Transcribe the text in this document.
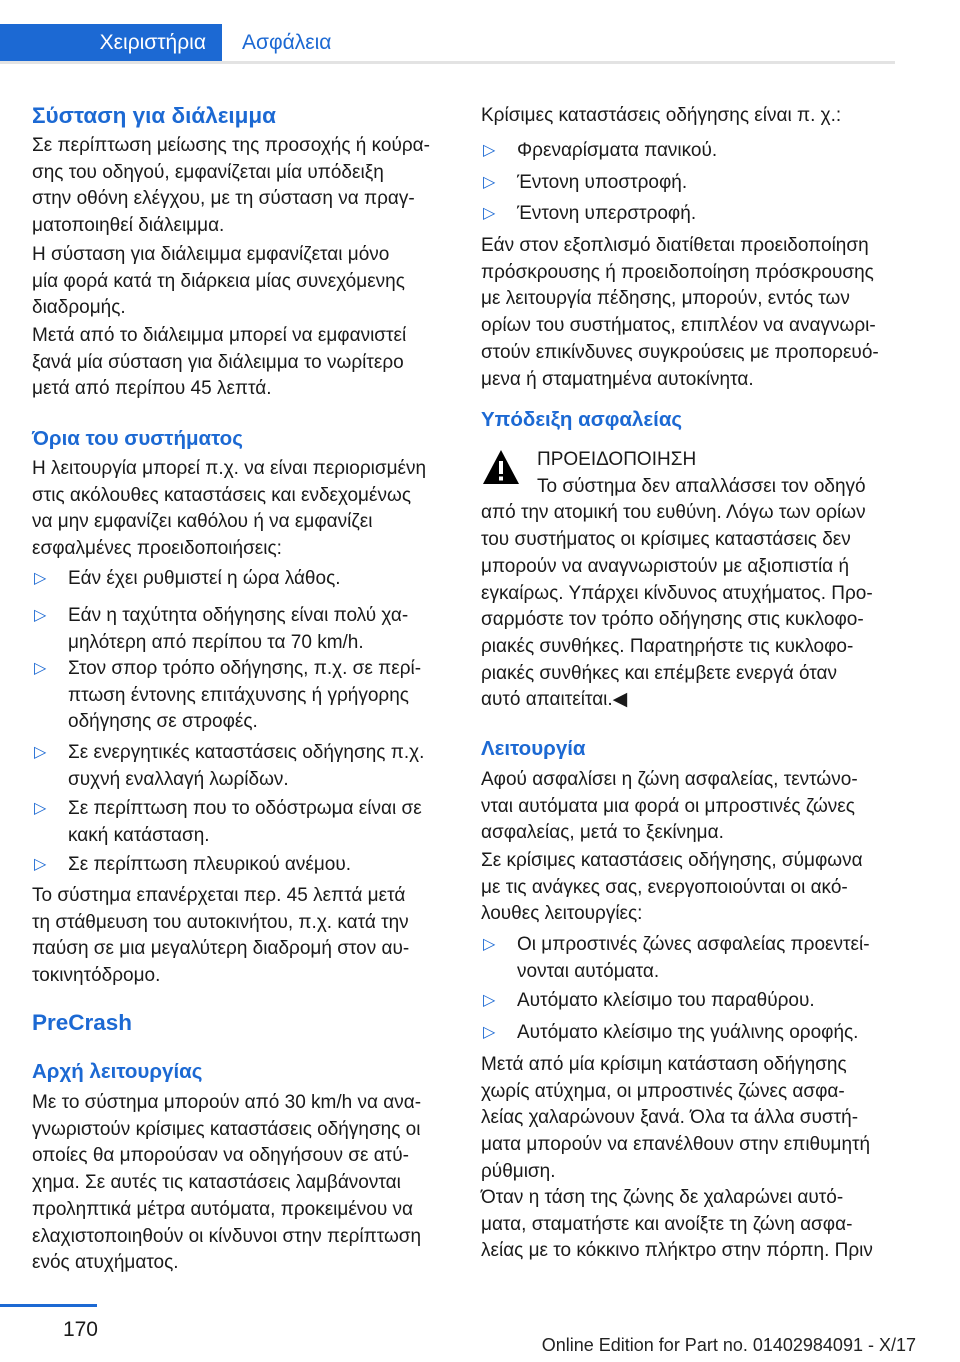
Χειριστήρια	Ασφάλεια
Σύσταση για διάλειμμα

Σε περίπτωση μείωσης της προσοχής ή κούρα-

σης του οδηγού, εμφανίζεται μία υπόδειξη

στην οθόνη ελέγχου, με τη σύσταση να πραγ-

ματοποιηθεί διάλειμμα.

Η σύσταση για διάλειμμα εμφανίζεται μόνο

μία φορά κατά τη διάρκεια μίας συνεχόμενης

διαδρομής.

Μετά από το διάλειμμα μπορεί να εμφανιστεί

ξανά μία σύσταση για διάλειμμα το νωρίτερο

μετά από περίπου 45 λεπτά.

Όρια του συστήματος

Η λειτουργία μπορεί π.χ. να είναι περιορισμένη

στις ακόλουθες καταστάσεις και ενδεχομένως

να μην εμφανίζει καθόλου ή να εμφανίζει

εσφαλμένες προειδοποιήσεις:

▷ Εάν έχει ρυθμιστεί η ώρα λάθος.
▷ Εάν η ταχύτητα οδήγησης είναι πολύ χα-
μηλότερη από περίπου τα 70 km/h.
▷ Στον σπορ τρόπο οδήγησης, π.χ. σε περί-
πτωση έντονης επιτάχυνσης ή γρήγορης
οδήγησης σε στροφές.
▷ Σε ενεργητικές καταστάσεις οδήγησης π.χ.
συχνή εναλλαγή λωρίδων.
▷ Σε περίπτωση που το οδόστρωμα είναι σε
κακή κατάσταση.
▷ Σε περίπτωση πλευρικού ανέμου.

Το σύστημα επανέρχεται περ. 45 λεπτά μετά

τη στάθμευση του αυτοκινήτου, π.χ. κατά την

παύση σε μια μεγαλύτερη διαδρομή στον αυ-

τοκινητόδρομο.

PreCrash
Αρχή λειτουργίας

Με το σύστημα μπορούν από 30 km/h να ανα-

γνωριστούν κρίσιμες καταστάσεις οδήγησης οι

οποίες θα μπορούσαν να οδηγήσουν σε ατύ-

χημα. Σε αυτές τις καταστάσεις λαμβάνονται

προληπτικά μέτρα αυτόματα, προκειμένου να

ελαχιστοποιηθούν οι κίνδυνοι στην περίπτωση

ενός ατυχήματος.

Κρίσιμες καταστάσεις οδήγησης είναι π. χ.:

▷ Φρεναρίσματα πανικού.
▷ Έντονη υποστροφή.
▷ Έντονη υπερστροφή.

Εάν στον εξοπλισμό διατίθεται προειδοποίηση

πρόσκρουσης ή προειδοποίηση πρόσκρουσης

με λειτουργία πέδησης, μπορούν, εντός των

ορίων του συστήματος, επιπλέον να αναγνωρι-

στούν επικίνδυνες συγκρούσεις με προπορευό-

μενα ή σταματημένα αυτοκίνητα.

Υπόδειξη ασφαλείας

ΠΡΟΕΙΔΟΠΟΙΗΣΗ

Το σύστημα δεν απαλλάσσει τον οδηγό

από την ατομική του ευθύνη. Λόγω των ορίων

του συστήματος οι κρίσιμες καταστάσεις δεν

μπορούν να αναγνωριστούν με αξιοπιστία ή

εγκαίρως. Υπάρχει κίνδυνος ατυχήματος. Προ-

σαρμόστε τον τρόπο οδήγησης στις κυκλοφο-

ριακές συνθήκες. Παρατηρήστε τις κυκλοφο-

ριακές συνθήκες και επέμβετε ενεργά όταν

αυτό απαιτείται.◀

Λειτουργία

Αφού ασφαλίσει η ζώνη ασφαλείας, τεντώνο-

νται αυτόματα μια φορά οι μπροστινές ζώνες

ασφαλείας, μετά το ξεκίνημα.

Σε κρίσιμες καταστάσεις οδήγησης, σύμφωνα

με τις ανάγκες σας, ενεργοποιούνται οι ακό-

λουθες λειτουργίες:

▷ Οι μπροστινές ζώνες ασφαλείας προεντεί-
νονται αυτόματα.
▷ Αυτόματο κλείσιμο του παραθύρου.
▷ Αυτόματο κλείσιμο της γυάλινης οροφής.

Μετά από μία κρίσιμη κατάσταση οδήγησης

χωρίς ατύχημα, οι μπροστινές ζώνες ασφα-

λείας χαλαρώνουν ξανά. Όλα τα άλλα συστή-

ματα μπορούν να επανέλθουν στην επιθυμητή

ρύθμιση.

Όταν η τάση της ζώνης δε χαλαρώνει αυτό-

ματα, σταματήστε και ανοίξτε τη ζώνη ασφα-

λείας με το κόκκινο πλήκτρο στην πόρπη. Πριν

170
Online Edition for Part no. 01402984091 - X/17
